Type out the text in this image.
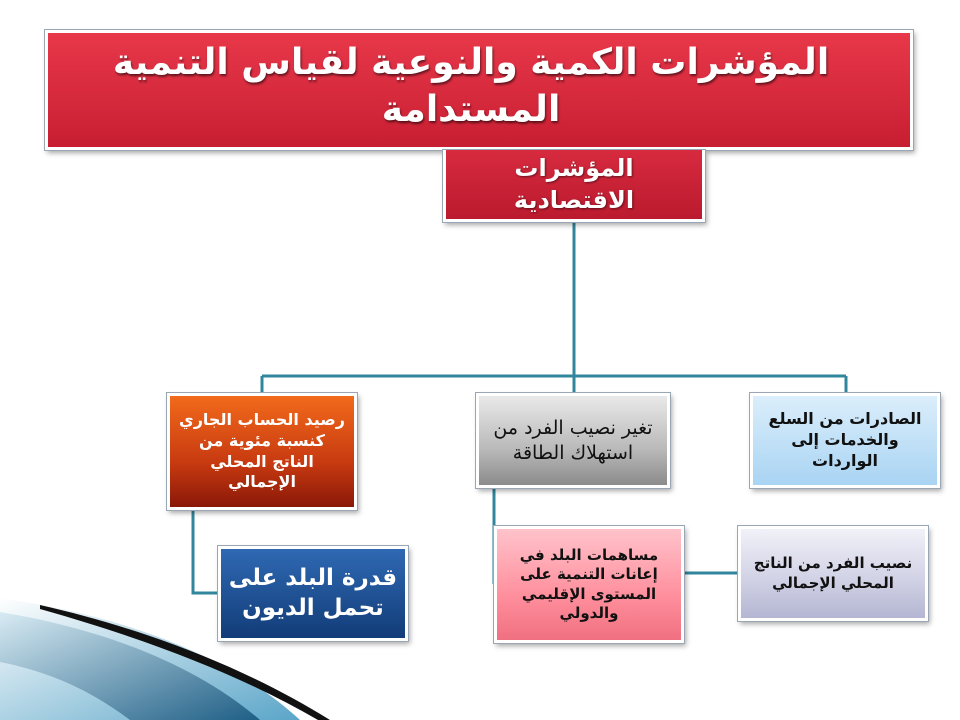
المؤشرات الكمية والنوعية لقياس التنمية المستدامة
المؤشرات الاقتصادية
رصيد الحساب الجاري كنسبة مئوية من الناتج المحلي الإجمالي
تغير نصيب الفرد من استهلاك الطاقة
الصادرات من السلع والخدمات إلى الواردات
قدرة البلد على تحمل الديون
مساهمات البلد في إعانات التنمية على المستوى الإقليمي والدولي
نصيب الفرد من الناتج المحلي الإجمالي
